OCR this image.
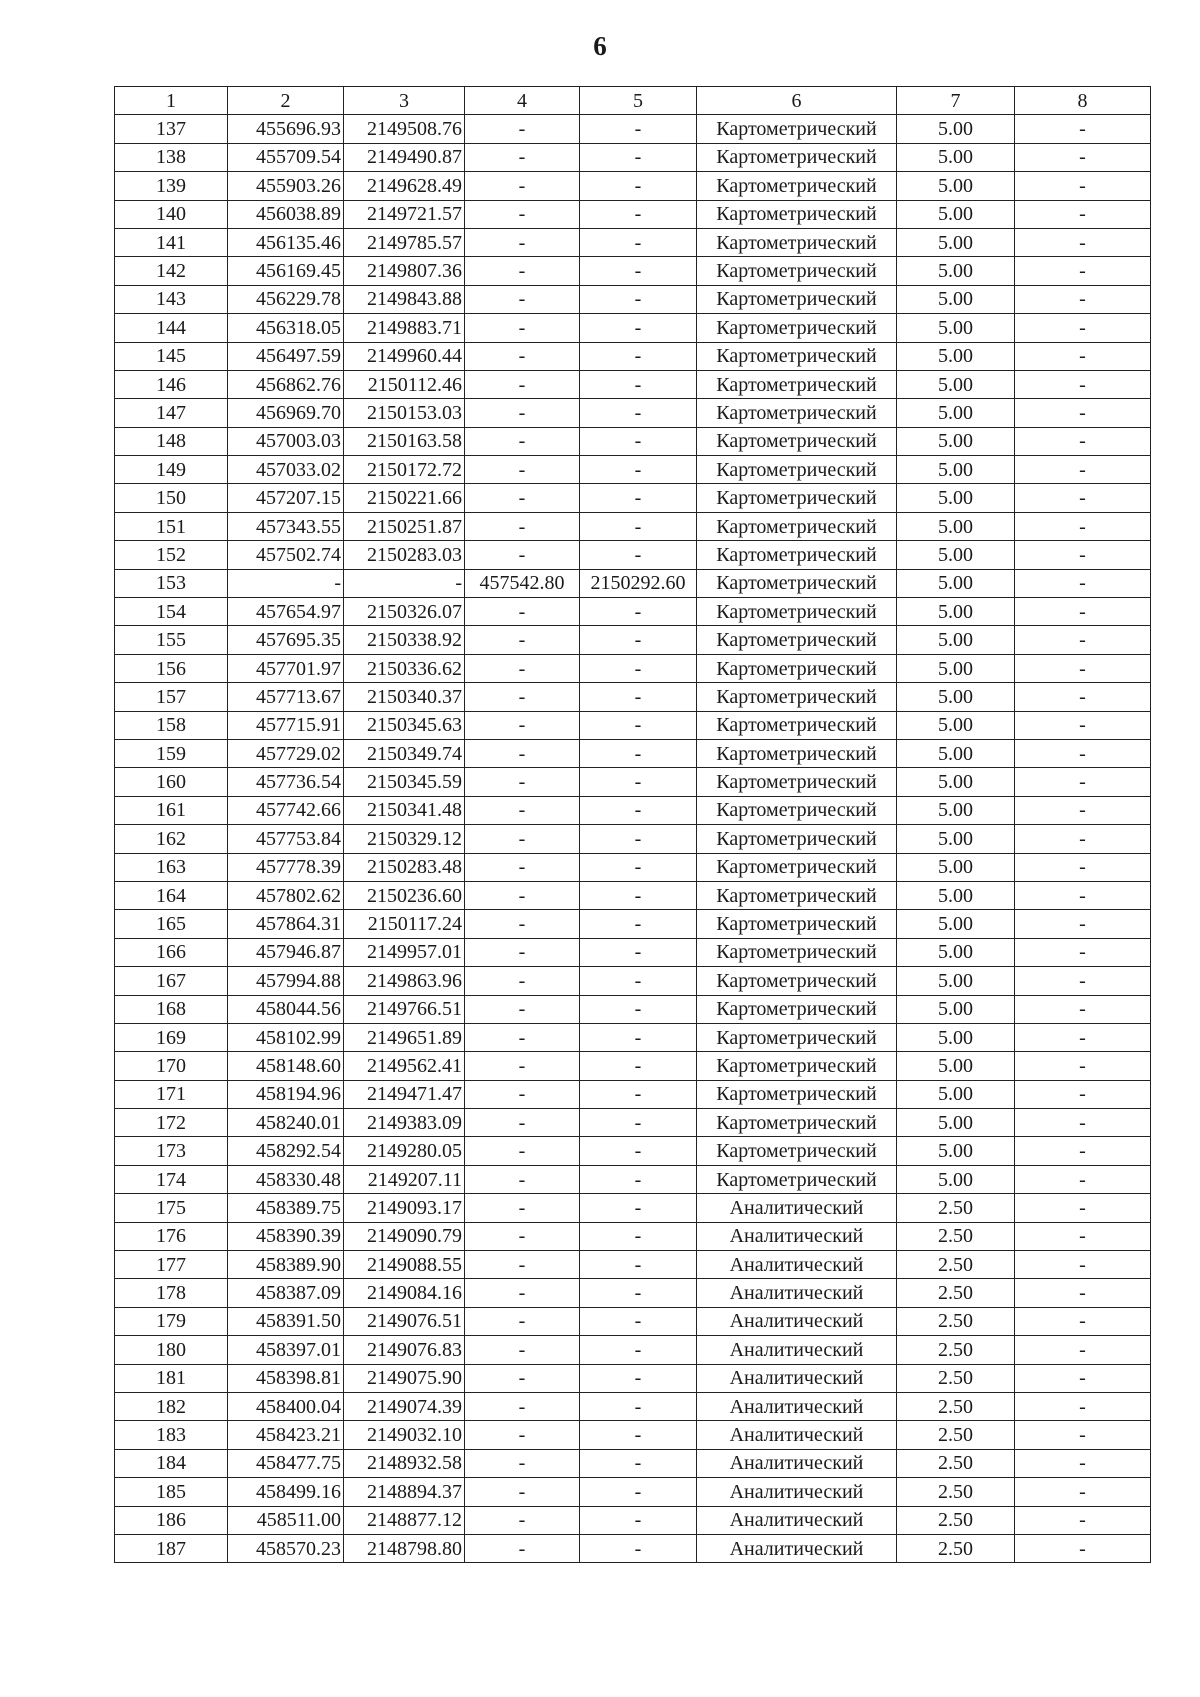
6
1	2	3	4	5	6	7	8
137	455696.93	2149508.76	-	-	Картометрический	5.00	-
138	455709.54	2149490.87	-	-	Картометрический	5.00	-
139	455903.26	2149628.49	-	-	Картометрический	5.00	-
140	456038.89	2149721.57	-	-	Картометрический	5.00	-
141	456135.46	2149785.57	-	-	Картометрический	5.00	-
142	456169.45	2149807.36	-	-	Картометрический	5.00	-
143	456229.78	2149843.88	-	-	Картометрический	5.00	-
144	456318.05	2149883.71	-	-	Картометрический	5.00	-
145	456497.59	2149960.44	-	-	Картометрический	5.00	-
146	456862.76	2150112.46	-	-	Картометрический	5.00	-
147	456969.70	2150153.03	-	-	Картометрический	5.00	-
148	457003.03	2150163.58	-	-	Картометрический	5.00	-
149	457033.02	2150172.72	-	-	Картометрический	5.00	-
150	457207.15	2150221.66	-	-	Картометрический	5.00	-
151	457343.55	2150251.87	-	-	Картометрический	5.00	-
152	457502.74	2150283.03	-	-	Картометрический	5.00	-
153	-	-	457542.80	2150292.60	Картометрический	5.00	-
154	457654.97	2150326.07	-	-	Картометрический	5.00	-
155	457695.35	2150338.92	-	-	Картометрический	5.00	-
156	457701.97	2150336.62	-	-	Картометрический	5.00	-
157	457713.67	2150340.37	-	-	Картометрический	5.00	-
158	457715.91	2150345.63	-	-	Картометрический	5.00	-
159	457729.02	2150349.74	-	-	Картометрический	5.00	-
160	457736.54	2150345.59	-	-	Картометрический	5.00	-
161	457742.66	2150341.48	-	-	Картометрический	5.00	-
162	457753.84	2150329.12	-	-	Картометрический	5.00	-
163	457778.39	2150283.48	-	-	Картометрический	5.00	-
164	457802.62	2150236.60	-	-	Картометрический	5.00	-
165	457864.31	2150117.24	-	-	Картометрический	5.00	-
166	457946.87	2149957.01	-	-	Картометрический	5.00	-
167	457994.88	2149863.96	-	-	Картометрический	5.00	-
168	458044.56	2149766.51	-	-	Картометрический	5.00	-
169	458102.99	2149651.89	-	-	Картометрический	5.00	-
170	458148.60	2149562.41	-	-	Картометрический	5.00	-
171	458194.96	2149471.47	-	-	Картометрический	5.00	-
172	458240.01	2149383.09	-	-	Картометрический	5.00	-
173	458292.54	2149280.05	-	-	Картометрический	5.00	-
174	458330.48	2149207.11	-	-	Картометрический	5.00	-
175	458389.75	2149093.17	-	-	Аналитический	2.50	-
176	458390.39	2149090.79	-	-	Аналитический	2.50	-
177	458389.90	2149088.55	-	-	Аналитический	2.50	-
178	458387.09	2149084.16	-	-	Аналитический	2.50	-
179	458391.50	2149076.51	-	-	Аналитический	2.50	-
180	458397.01	2149076.83	-	-	Аналитический	2.50	-
181	458398.81	2149075.90	-	-	Аналитический	2.50	-
182	458400.04	2149074.39	-	-	Аналитический	2.50	-
183	458423.21	2149032.10	-	-	Аналитический	2.50	-
184	458477.75	2148932.58	-	-	Аналитический	2.50	-
185	458499.16	2148894.37	-	-	Аналитический	2.50	-
186	458511.00	2148877.12	-	-	Аналитический	2.50	-
187	458570.23	2148798.80	-	-	Аналитический	2.50	-
